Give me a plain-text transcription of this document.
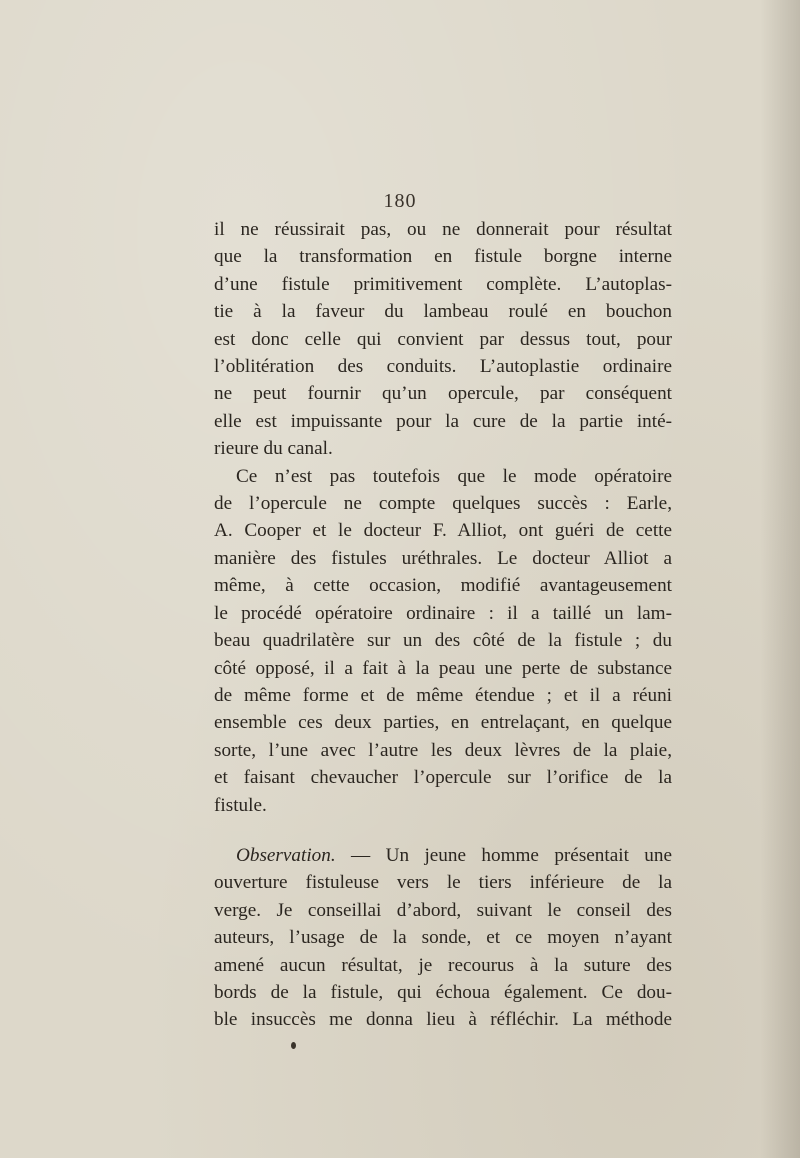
180
il ne réussirait pas, ou ne donnerait pour résultat
que la transformation en fistule borgne interne
d’une fistule primitivement complète. L’autoplas-
tie à la faveur du lambeau roulé en bouchon
est donc celle qui convient par dessus tout, pour
l’oblitération des conduits. L’autoplastie ordinaire
ne peut fournir qu’un opercule, par conséquent
elle est impuissante pour la cure de la partie inté-
rieure du canal.
Ce n’est pas toutefois que le mode opératoire
de l’opercule ne compte quelques succès : Earle,
A. Cooper et le docteur F. Alliot, ont guéri de cette
manière des fistules uréthrales. Le docteur Alliot a
même, à cette occasion, modifié avantageusement
le procédé opératoire ordinaire : il a taillé un lam-
beau quadrilatère sur un des côté de la fistule ; du
côté opposé, il a fait à la peau une perte de substance
de même forme et de même étendue ; et il a réuni
ensemble ces deux parties, en entrelaçant, en quelque
sorte, l’une avec l’autre les deux lèvres de la plaie,
et faisant chevaucher l’opercule sur l’orifice de la
fistule.
Observation. — Un jeune homme présentait une
ouverture fistuleuse vers le tiers inférieure de la
verge. Je conseillai d’abord, suivant le conseil des
auteurs, l’usage de la sonde, et ce moyen n’ayant
amené aucun résultat, je recourus à la suture des
bords de la fistule, qui échoua également. Ce dou-
ble insuccès me donna lieu à réfléchir. La méthode
